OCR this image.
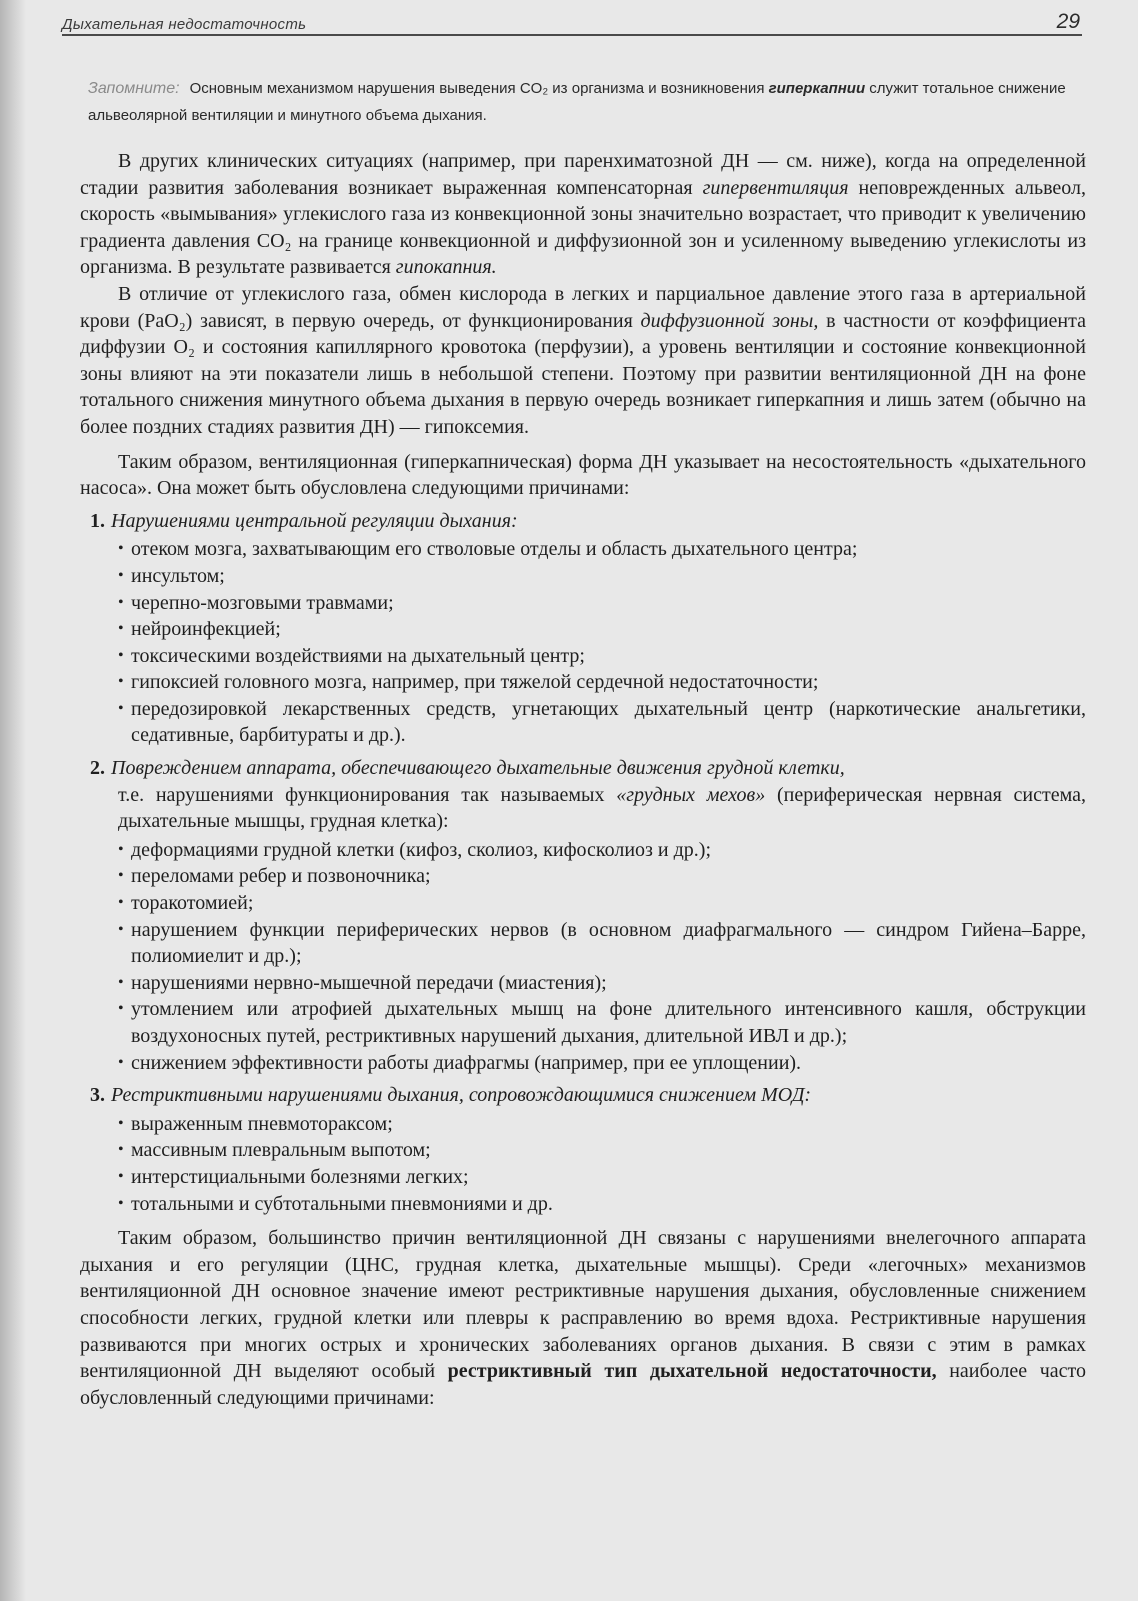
Дыхательная недостаточность	29
Запомните: Основным механизмом нарушения выведения CO₂ из организма и возникновения гиперкапнии служит тотальное снижение альвеолярной вентиляции и минутного объема дыхания.

В других клинических ситуациях (например, при паренхиматозной ДН — см. ниже), когда на определенной стадии развития заболевания возникает выраженная компенсаторная гипервентиляция неповрежденных альвеол, скорость «вымывания» углекислого газа из конвекционной зоны значительно возрастает, что приводит к увеличению градиента давления CO₂ на границе конвекционной и диффузионной зон и усиленному выведению углекислоты из организма. В результате развивается гипокапния.

В отличие от углекислого газа, обмен кислорода в легких и парциальное давление этого газа в артериальной крови (PaO₂) зависят, в первую очередь, от функционирования диффузионной зоны, в частности от коэффициента диффузии O₂ и состояния капиллярного кровотока (перфузии), а уровень вентиляции и состояние конвекционной зоны влияют на эти показатели лишь в небольшой степени. Поэтому при развитии вентиляционной ДН на фоне тотального снижения минутного объема дыхания в первую очередь возникает гиперкапния и лишь затем (обычно на более поздних стадиях развития ДН) — гипоксемия.

Таким образом, вентиляционная (гиперкапническая) форма ДН указывает на несостоятельность «дыхательного насоса». Она может быть обусловлена следующими причинами:

1. Нарушениями центральной регуляции дыхания:
• отеком мозга, захватывающим его стволовые отделы и область дыхательного центра;
• инсультом;
• черепно-мозговыми травмами;
• нейроинфекцией;
• токсическими воздействиями на дыхательный центр;
• гипоксией головного мозга, например, при тяжелой сердечной недостаточности;
• передозировкой лекарственных средств, угнетающих дыхательный центр (наркотические анальгетики, седативные, барбитураты и др.).
2. Повреждением аппарата, обеспечивающего дыхательные движения грудной клетки,
т.е. нарушениями функционирования так называемых «грудных мехов» (периферическая нервная система, дыхательные мышцы, грудная клетка):
• деформациями грудной клетки (кифоз, сколиоз, кифосколиоз и др.);
• переломами ребер и позвоночника;
• торакотомией;
• нарушением функции периферических нервов (в основном диафрагмального — синдром Гийена–Барре, полиомиелит и др.);
• нарушениями нервно-мышечной передачи (миастения);
• утомлением или атрофией дыхательных мышц на фоне длительного интенсивного кашля, обструкции воздухоносных путей, рестриктивных нарушений дыхания, длительной ИВЛ и др.);
• снижением эффективности работы диафрагмы (например, при ее уплощении).
3. Рестриктивными нарушениями дыхания, сопровождающимися снижением МОД:
• выраженным пневмотораксом;
• массивным плевральным выпотом;
• интерстициальными болезнями легких;
• тотальными и субтотальными пневмониями и др.

Таким образом, большинство причин вентиляционной ДН связаны с нарушениями внелегочного аппарата дыхания и его регуляции (ЦНС, грудная клетка, дыхательные мышцы). Среди «легочных» механизмов вентиляционной ДН основное значение имеют рестриктивные нарушения дыхания, обусловленные снижением способности легких, грудной клетки или плевры к расправлению во время вдоха. Рестриктивные нарушения развиваются при многих острых и хронических заболеваниях органов дыхания. В связи с этим в рамках вентиляционной ДН выделяют особый рестриктивный тип дыхательной недостаточности, наиболее часто обусловленный следующими причинами:
